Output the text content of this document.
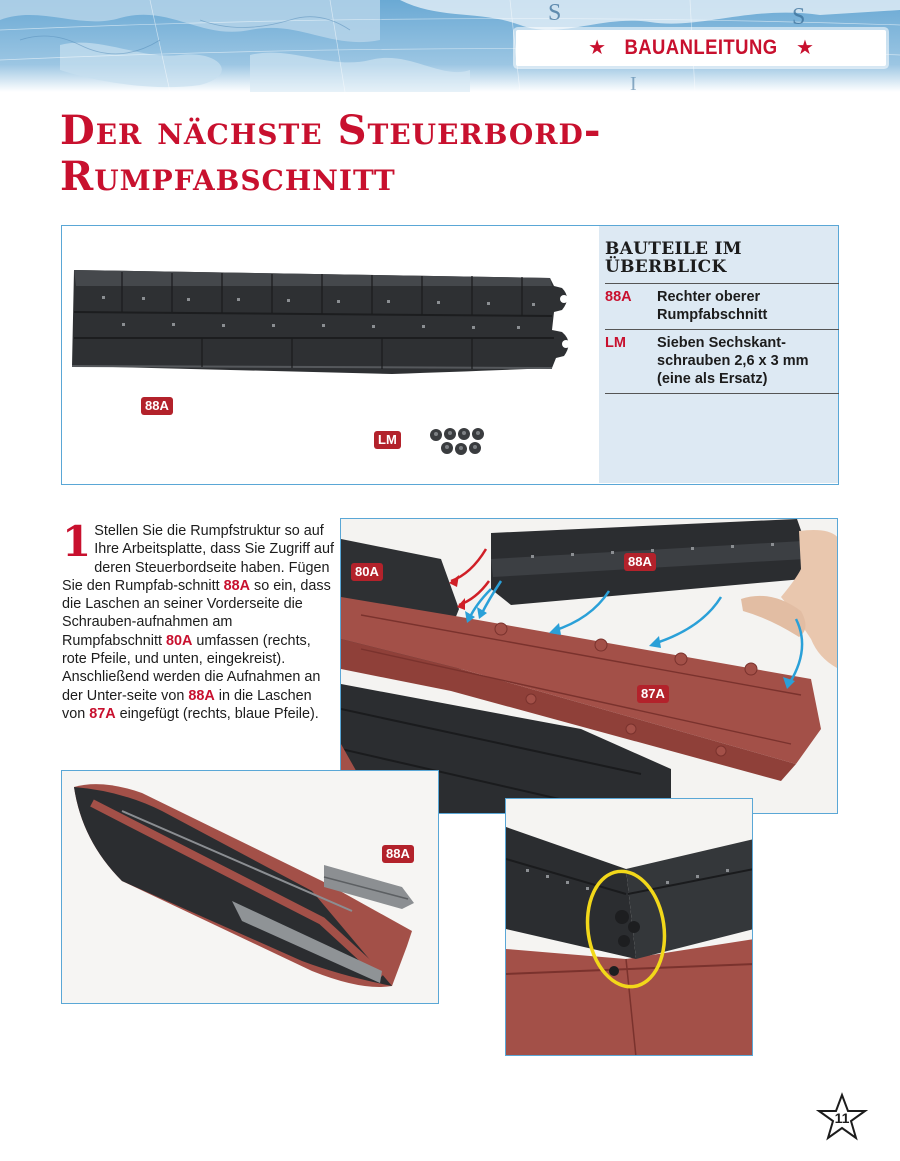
S	S
I
★ BAUANLEITUNG ★
Der nächste Steuerbord-
Rumpfabschnitt
88A
LM
BAUTEILE IM
ÜBERBLICK
88A Rechter oberer Rumpfabschnitt
LM Sieben Sechskant-schrauben 2,6 x 3 mm (eine als Ersatz)
1 Stellen Sie die Rumpfstruktur so auf Ihre Arbeitsplatte, dass Sie Zugriff auf deren Steuerbordseite haben. Fügen Sie den Rumpfab-schnitt 88A so ein, dass die Laschen an seiner Vorderseite die Schrauben-aufnahmen am Rumpfabschnitt 80A umfassen (rechts, rote Pfeile, und unten, eingekreist). Anschließend werden die Aufnahmen an der Unter-seite von 88A in die Laschen von 87A eingefügt (rechts, blaue Pfeile).
80A
88A
87A
88A
11
